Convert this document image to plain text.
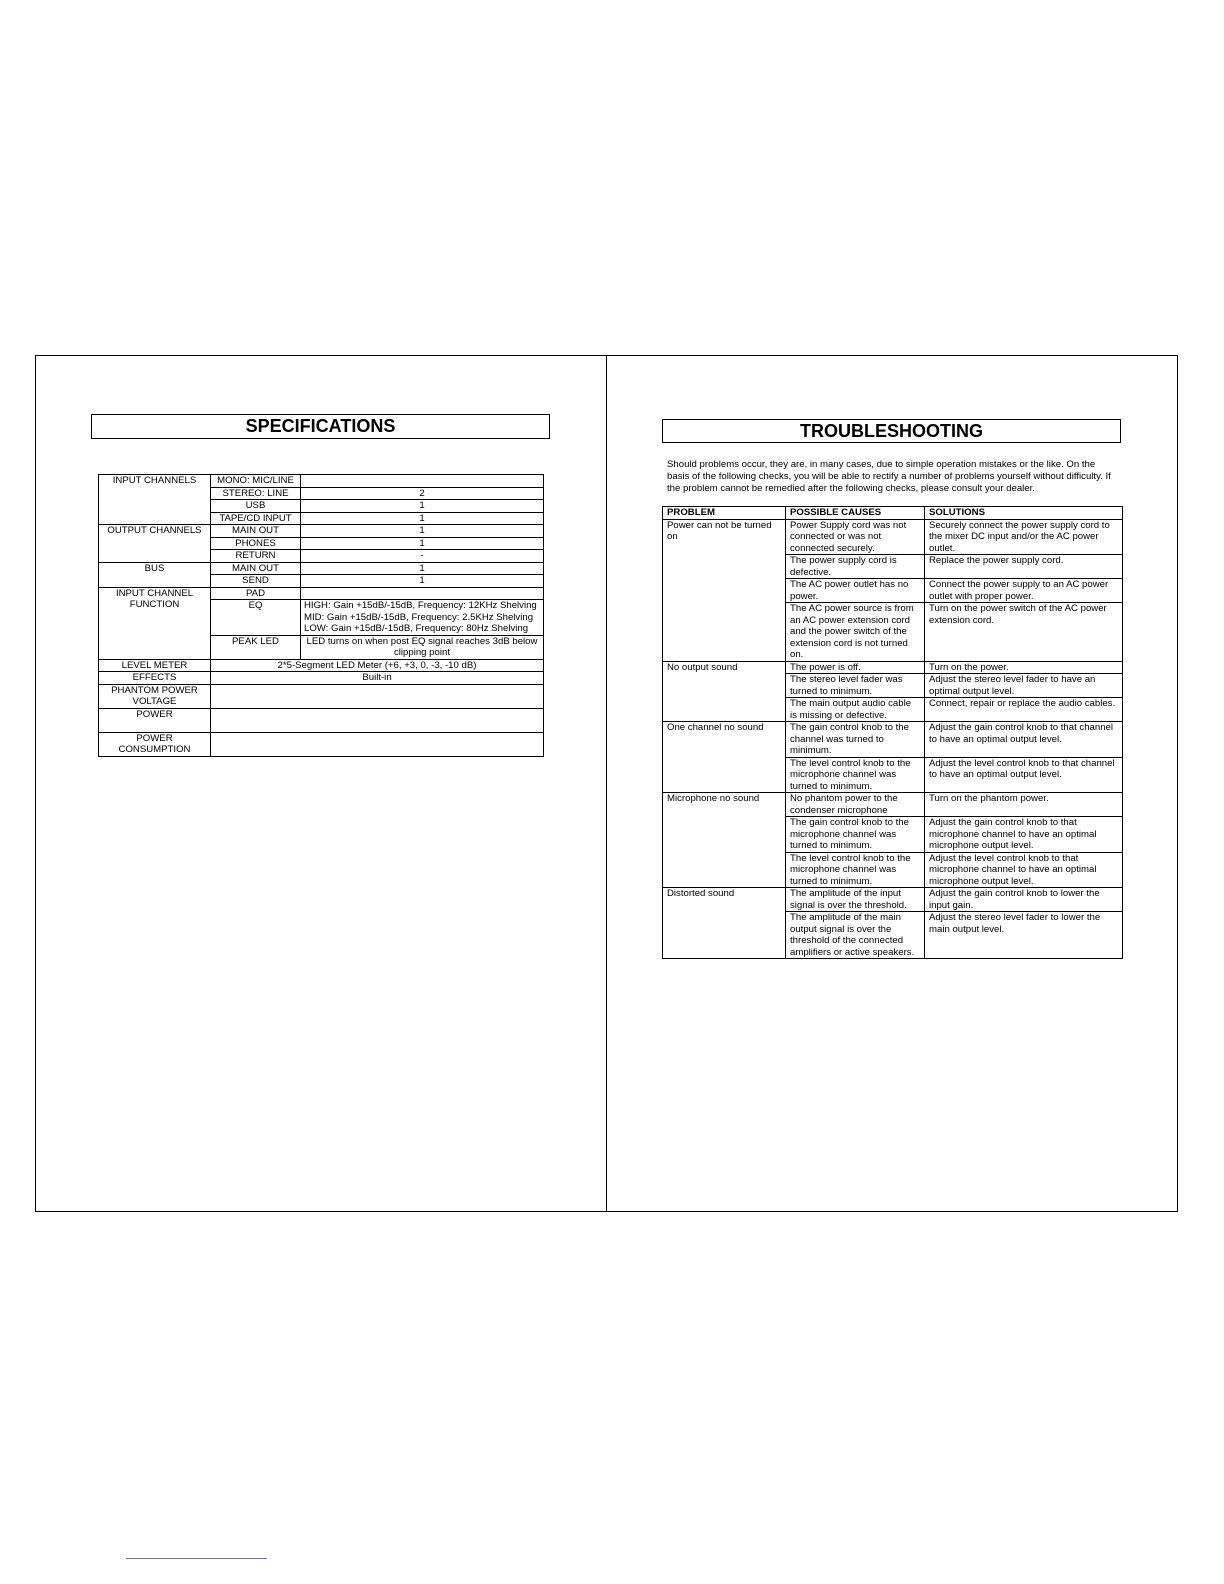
SPECIFICATIONS
INPUT CHANNELS	MONO: MIC/LINE	
	STEREO: LINE	2
	USB	1
	TAPE/CD INPUT	1
OUTPUT CHANNELS	MAIN OUT	1
	PHONES	1
	RETURN	-
BUS	MAIN OUT	1
	SEND	1
INPUT CHANNEL FUNCTION	PAD	
	EQ	HIGH: Gain +15dB/-15dB, Frequency: 12KHz Shelving
MID: Gain +15dB/-15dB, Frequency: 2.5KHz Shelving
LOW: Gain +15dB/-15dB, Frequency: 80Hz Shelving

	PEAK LED	LED turns on when post EQ signal reaches 3dB below clipping point
LEVEL METER	2*5-Segment LED Meter (+6, +3, 0, -3, -10 dB)	
EFFECTS	Built-in	
PHANTOM POWER VOLTAGE		
POWER		
POWER CONSUMPTION		
TROUBLESHOOTING
Should problems occur, they are, in many cases, due to simple operation mistakes or the like. On the basis of the following checks, you will be able to rectify a number of problems yourself without difficulty. If the problem cannot be remedied after the following checks, please consult your dealer.
PROBLEM	POSSIBLE CAUSES	SOLUTIONS
Power can not be turned on	Power Supply cord was not connected or was not connected securely.	Securely connect the power supply cord to the mixer DC input and/or the AC power outlet.
	The power supply cord is defective.	Replace the power supply cord.
	The AC power outlet has no power.	Connect the power supply to an AC power outlet with proper power.
	The AC power source is from an AC power extension cord and the power switch of the extension cord is not turned on.	Turn on the power switch of the AC power extension cord.
No output sound	The power is off.	Turn on the power.
	The stereo level fader was turned to minimum.	Adjust the stereo level fader to have an optimal output level.
	The main output audio cable is missing or defective.	Connect, repair or replace the audio cables.
One channel no sound	The gain control knob to the channel was turned to minimum.	Adjust the gain control knob to that channel to have an optimal output level.
	The level control knob to the microphone channel was turned to minimum.	Adjust the level control knob to that channel to have an optimal output level.
Microphone no sound	No phantom power to the condenser microphone	Turn on the phantom power.
	The gain control knob to the microphone channel was turned to minimum.	Adjust the gain control knob to that microphone channel to have an optimal microphone output level.
	The level control knob to the microphone channel was turned to minimum.	Adjust the level control knob to that microphone channel to have an optimal microphone output level.
Distorted sound	The amplitude of the input signal is over the threshold.	Adjust the gain control knob to lower the input gain.
	The amplitude of the main output signal is over the threshold of the connected amplifiers or active speakers.	Adjust the stereo level fader to lower the main output level.
